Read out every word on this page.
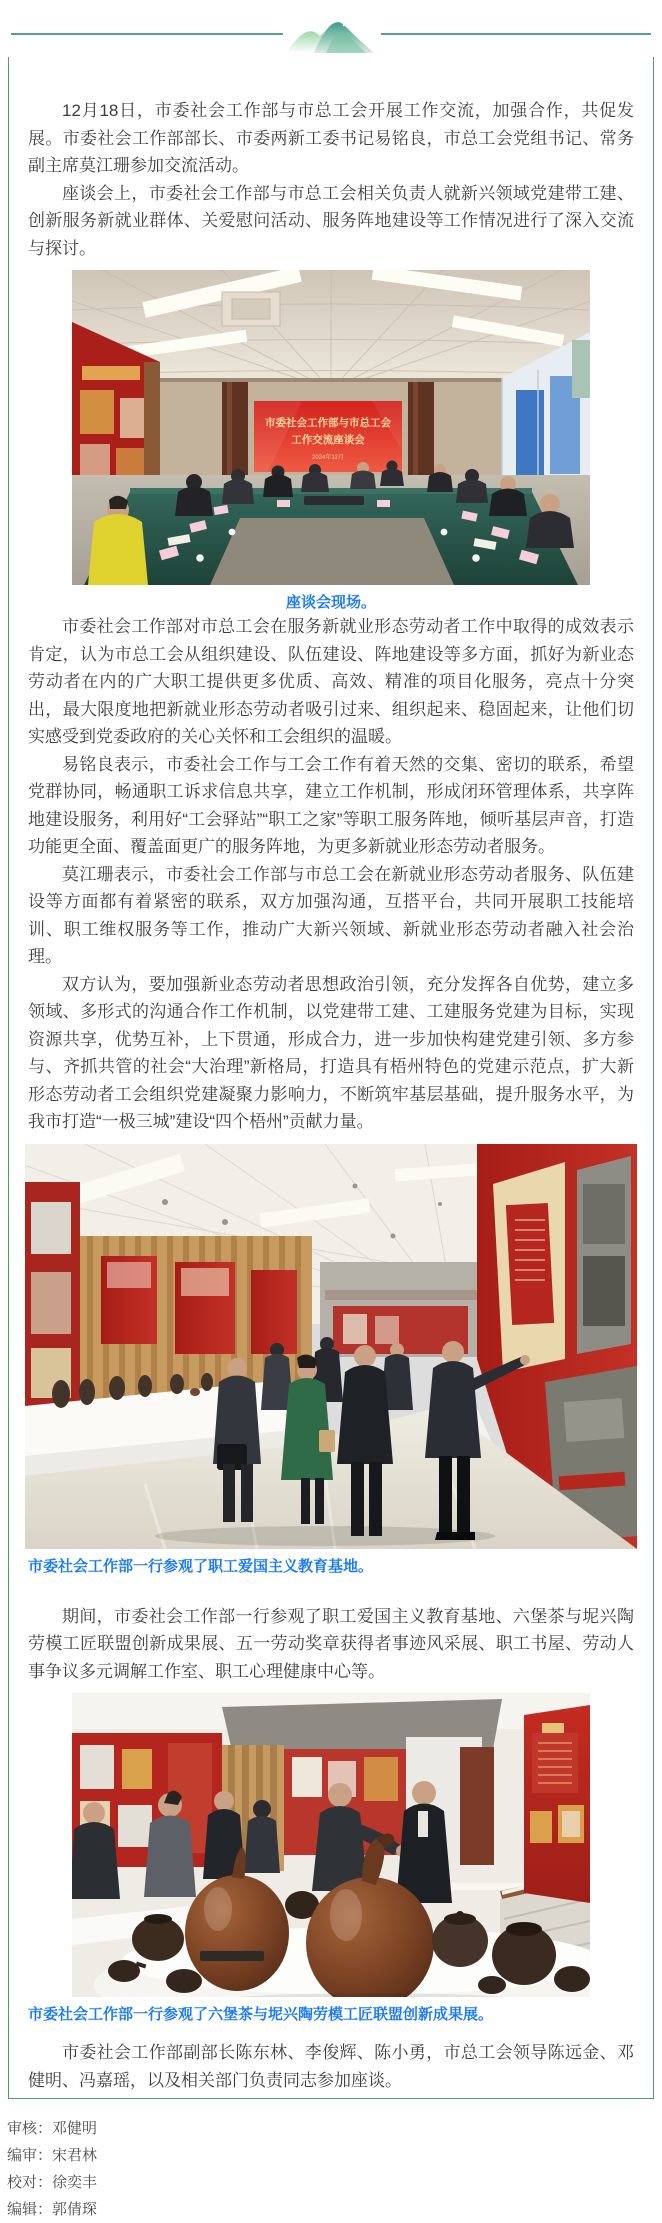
12月18日，市委社会工作部与市总工会开展工作交流，加强合作，共促发展。市委社会工作部部长、市委两新工委书记易铭良，市总工会党组书记、常务副主席莫江珊参加交流活动。

座谈会上，市委社会工作部与市总工会相关负责人就新兴领域党建带工建、创新服务新就业群体、关爱慰问活动、服务阵地建设等工作情况进行了深入交流与探讨。

市委社会工作部与市总工会
工作交流座谈会
2024年12月
座谈会现场。

市委社会工作部对市总工会在服务新就业形态劳动者工作中取得的成效表示肯定，认为市总工会从组织建设、队伍建设、阵地建设等多方面，抓好为新业态劳动者在内的广大职工提供更多优质、高效、精准的项目化服务，亮点十分突出，最大限度地把新就业形态劳动者吸引过来、组织起来、稳固起来，让他们切实感受到党委政府的关心关怀和工会组织的温暖。

易铭良表示，市委社会工作与工会工作有着天然的交集、密切的联系，希望党群协同，畅通职工诉求信息共享，建立工作机制，形成闭环管理体系，共享阵地建设服务，利用好“工会驿站”“职工之家”等职工服务阵地，倾听基层声音，打造功能更全面、覆盖面更广的服务阵地，为更多新就业形态劳动者服务。

莫江珊表示，市委社会工作部与市总工会在新就业形态劳动者服务、队伍建设等方面都有着紧密的联系，双方加强沟通，互搭平台，共同开展职工技能培训、职工维权服务等工作，推动广大新兴领域、新就业形态劳动者融入社会治理。

双方认为，要加强新业态劳动者思想政治引领，充分发挥各自优势，建立多领域、多形式的沟通合作工作机制，以党建带工建、工建服务党建为目标，实现资源共享，优势互补，上下贯通，形成合力，进一步加快构建党建引领、多方参与、齐抓共管的社会“大治理”新格局，打造具有梧州特色的党建示范点，扩大新形态劳动者工会组织党建凝聚力影响力，不断筑牢基层基础，提升服务水平，为我市打造“一极三城”建设“四个梧州”贡献力量。

市委社会工作部一行参观了职工爱国主义教育基地。

期间，市委社会工作部一行参观了职工爱国主义教育基地、六堡茶与坭兴陶劳模工匠联盟创新成果展、五一劳动奖章获得者事迹风采展、职工书屋、劳动人事争议多元调解工作室、职工心理健康中心等。

市委社会工作部一行参观了六堡茶与坭兴陶劳模工匠联盟创新成果展。

市委社会工作部副部长陈东林、李俊辉、陈小勇，市总工会领导陈远金、邓健明、冯嘉瑶，以及相关部门负责同志参加座谈。

审核：邓健明
编审：宋君林
校对：徐奕丰
编辑：郭倩琛
